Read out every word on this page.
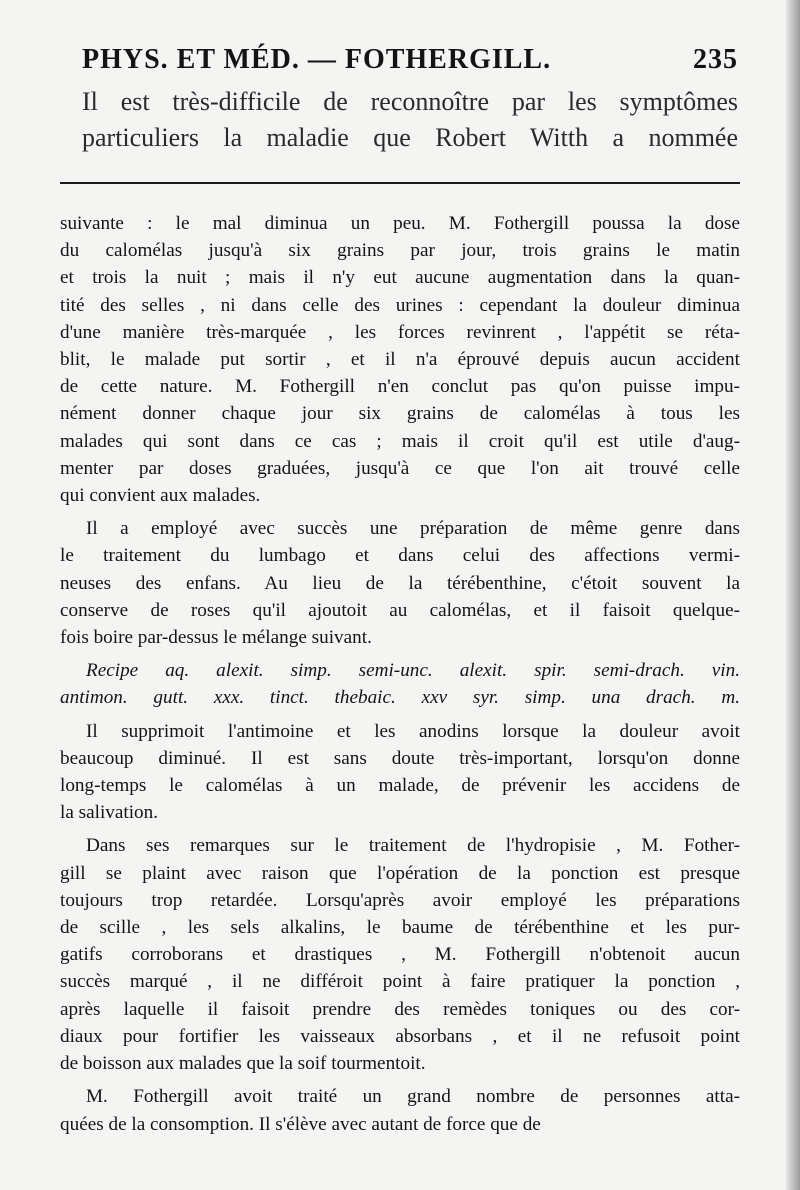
PHYS. ET MÉD. — FOTHERGILL.	235
Il est très-difficile de reconnoître par les symptômes
particuliers la maladie que Robert Witth a nommée
suivante : le mal diminua un peu. M. Fothergill poussa la dose
du calomélas jusqu'à six grains par jour, trois grains le matin
et trois la nuit ; mais il n'y eut aucune augmentation dans la quan-
tité des selles , ni dans celle des urines : cependant la douleur diminua
d'une manière très-marquée , les forces revinrent , l'appétit se réta-
blit, le malade put sortir , et il n'a éprouvé depuis aucun accident
de cette nature. M. Fothergill n'en conclut pas qu'on puisse impu-
nément donner chaque jour six grains de calomélas à tous les
malades qui sont dans ce cas ; mais il croit qu'il est utile d'aug-
menter par doses graduées, jusqu'à ce que l'on ait trouvé celle
qui convient aux malades.
Il a employé avec succès une préparation de même genre dans
le traitement du lumbago et dans celui des affections vermi-
neuses des enfans. Au lieu de la térébenthine, c'étoit souvent la
conserve de roses qu'il ajoutoit au calomélas, et il faisoit quelque-
fois boire par-dessus le mélange suivant.
Recipe aq. alexit. simp. semi-unc. alexit. spir. semi-drach. vin.
antimon. gutt. xxx. tinct. thebaic. xxv syr. simp. una drach. m.
Il supprimoit l'antimoine et les anodins lorsque la douleur avoit
beaucoup diminué. Il est sans doute très-important, lorsqu'on donne
long-temps le calomélas à un malade, de prévenir les accidens de
la salivation.
Dans ses remarques sur le traitement de l'hydropisie , M. Fother-
gill se plaint avec raison que l'opération de la ponction est presque
toujours trop retardée. Lorsqu'après avoir employé les préparations
de scille , les sels alkalins, le baume de térébenthine et les pur-
gatifs corroborans et drastiques , M. Fothergill n'obtenoit aucun
succès marqué , il ne différoit point à faire pratiquer la ponction ,
après laquelle il faisoit prendre des remèdes toniques ou des cor-
diaux pour fortifier les vaisseaux absorbans , et il ne refusoit point
de boisson aux malades que la soif tourmentoit.
M. Fothergill avoit traité un grand nombre de personnes atta-
quées de la consomption. Il s'élève avec autant de force que de
